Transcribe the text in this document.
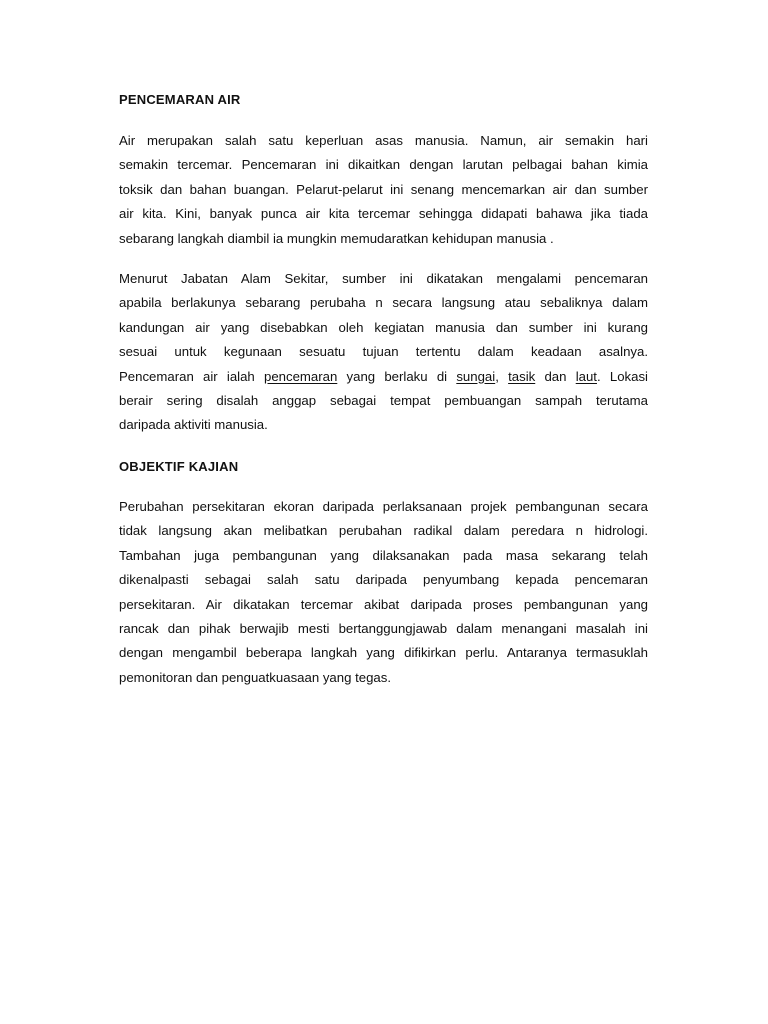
PENCEMARAN AIR
Air merupakan salah satu keperluan asas manusia. Namun, air semakin hari
semakin tercemar. Pencemaran ini dikaitkan dengan larutan pelbagai bahan kimia
toksik dan bahan buangan. Pelarut-pelarut ini senang mencemarkan air dan sumber
air kita. Kini, banyak punca air kita tercemar sehingga didapati bahawa jika tiada
sebarang langkah diambil ia mungkin memudaratkan kehidupan manusia .
Menurut Jabatan Alam Sekitar, sumber ini dikatakan mengalami pencemaran
apabila berlakunya sebarang perubaha n secara langsung atau sebaliknya dalam
kandungan air yang disebabkan oleh kegiatan manusia dan sumber ini kurang
sesuai untuk kegunaan sesuatu tujuan tertentu dalam keadaan asalnya.
Pencemaran air ialah pencemaran yang berlaku di sungai, tasik dan laut. Lokasi
berair sering disalah anggap sebagai tempat pembuangan sampah terutama
daripada aktiviti manusia.
OBJEKTIF KAJIAN
Perubahan persekitaran ekoran daripada perlaksanaan projek pembangunan secara
tidak langsung akan melibatkan perubahan radikal dalam peredara n hidrologi.
Tambahan juga pembangunan yang dilaksanakan pada masa sekarang telah
dikenalpasti sebagai salah satu daripada penyumbang kepada pencemaran
persekitaran. Air dikatakan tercemar akibat daripada proses pembangunan yang
rancak dan pihak berwajib mesti bertanggungjawab dalam menangani masalah ini
dengan mengambil beberapa langkah yang difikirkan perlu. Antaranya termasuklah
pemonitoran dan penguatkuasaan yang tegas.
